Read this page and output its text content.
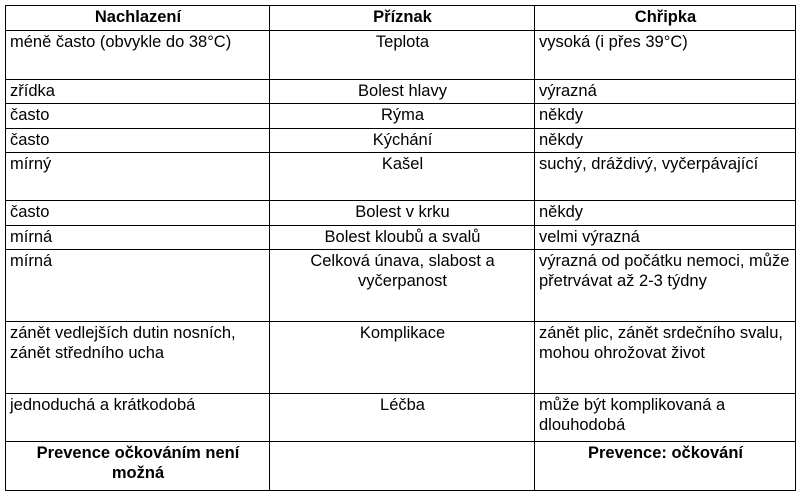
Nachlazení	Příznak	Chřipka
méně často (obvykle do 38°C)	Teplota	vysoká (i přes 39°C)
zřídka	Bolest hlavy	výrazná
často	Rýma	někdy
často	Kýchání	někdy
mírný	Kašel	suchý, dráždivý, vyčerpávající
často	Bolest v krku	někdy
mírná	Bolest kloubů a svalů	velmi výrazná
mírná	Celková únava, slabost a vyčerpanost	výrazná od počátku nemoci, může přetrvávat až 2-3 týdny
zánět vedlejších dutin nosních, zánět středního ucha	Komplikace	zánět plic, zánět srdečního svalu, mohou ohrožovat život
jednoduchá a krátkodobá	Léčba	může být komplikovaná a dlouhodobá
Prevence očkováním není možná		Prevence: očkování
